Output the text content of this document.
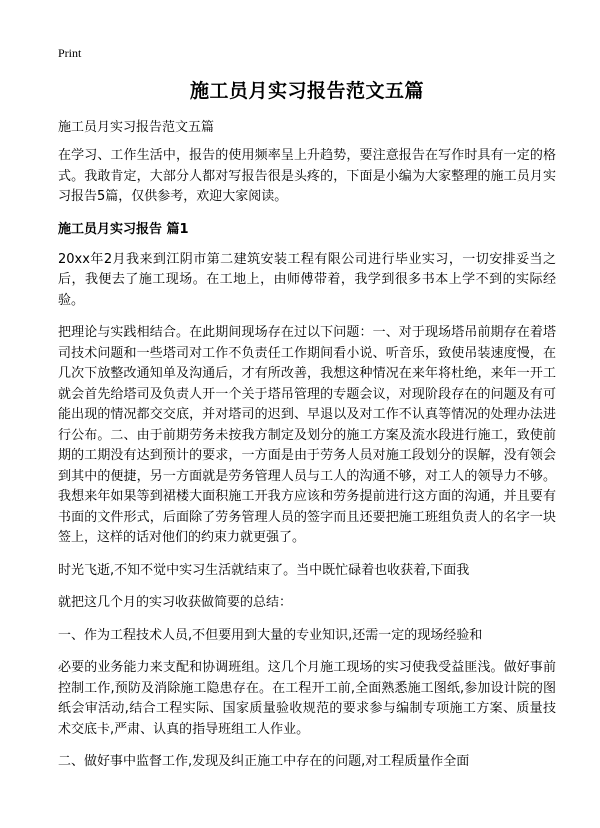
Print
施工员月实习报告范文五篇
施工员月实习报告范文五篇
在学习、工作生活中，报告的使用频率呈上升趋势，要注意报告在写作时具有一定的格式。我敢肯定，大部分人都对写报告很是头疼的，下面是小编为大家整理的施工员月实习报告5篇，仅供参考，欢迎大家阅读。
施工员月实习报告 篇1
20xx年2月我来到江阴市第二建筑安装工程有限公司进行毕业实习，一切安排妥当之后，我便去了施工现场。在工地上，由师傅带着，我学到很多书本上学不到的实际经验。
把理论与实践相结合。在此期间现场存在过以下问题：一、对于现场塔吊前期存在着塔司技术问题和一些塔司对工作不负责任工作期间看小说、听音乐，致使吊装速度慢，在几次下放整改通知单及沟通后，才有所改善，我想这种情况在来年将杜绝，来年一开工就会首先给塔司及负责人开一个关于塔吊管理的专题会议，对现阶段存在的问题及有可能出现的情况都交交底，并对塔司的迟到、早退以及对工作不认真等情况的处理办法进行公布。二、由于前期劳务未按我方制定及划分的施工方案及流水段进行施工，致使前期的工期没有达到预计的要求，一方面是由于劳务人员对施工段划分的误解，没有领会到其中的便捷，另一方面就是劳务管理人员与工人的沟通不够，对工人的领导力不够。我想来年如果等到裙楼大面积施工开我方应该和劳务提前进行这方面的沟通，并且要有书面的文件形式，后面除了劳务管理人员的签字而且还要把施工班组负责人的名字一块签上，这样的话对他们的约束力就更强了。
时光飞逝,不知不觉中实习生活就结束了。当中既忙碌着也收获着,下面我
就把这几个月的实习收获做简要的总结：
一、作为工程技术人员,不但要用到大量的专业知识,还需一定的现场经验和
必要的业务能力来支配和协调班组。这几个月施工现场的实习使我受益匪浅。做好事前控制工作,预防及消除施工隐患存在。在工程开工前,全面熟悉施工图纸,参加设计院的图纸会审活动,结合工程实际、国家质量验收规范的要求参与编制专项施工方案、质量技术交底卡,严肃、认真的指导班组工人作业。
二、做好事中监督工作,发现及纠正施工中存在的问题,对工程质量作全面
